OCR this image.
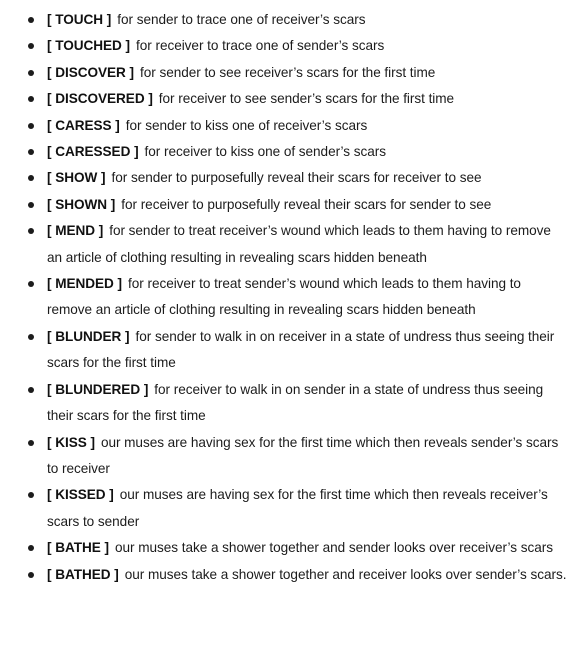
[ TOUCH ] for sender to trace one of receiver’s scars
[ TOUCHED ] for receiver to trace one of sender’s scars
[ DISCOVER ] for sender to see receiver’s scars for the first time
[ DISCOVERED ] for receiver to see sender’s scars for the first time
[ CARESS ] for sender to kiss one of receiver’s scars
[ CARESSED ] for receiver to kiss one of sender’s scars
[ SHOW ] for sender to purposefully reveal their scars for receiver to see
[ SHOWN ] for receiver to purposefully reveal their scars for sender to see
[ MEND ] for sender to treat receiver’s wound which leads to them having to remove an article of clothing resulting in revealing scars hidden beneath
[ MENDED ] for receiver to treat sender’s wound which leads to them having to remove an article of clothing resulting in revealing scars hidden beneath
[ BLUNDER ] for sender to walk in on receiver in a state of undress thus seeing their scars for the first time
[ BLUNDERED ] for receiver to walk in on sender in a state of undress thus seeing their scars for the first time
[ KISS ] our muses are having sex for the first time which then reveals sender’s scars to receiver
[ KISSED ] our muses are having sex for the first time which then reveals receiver’s scars to sender
[ BATHE ] our muses take a shower together and sender looks over receiver’s scars
[ BATHED ] our muses take a shower together and receiver looks over sender’s scars.
